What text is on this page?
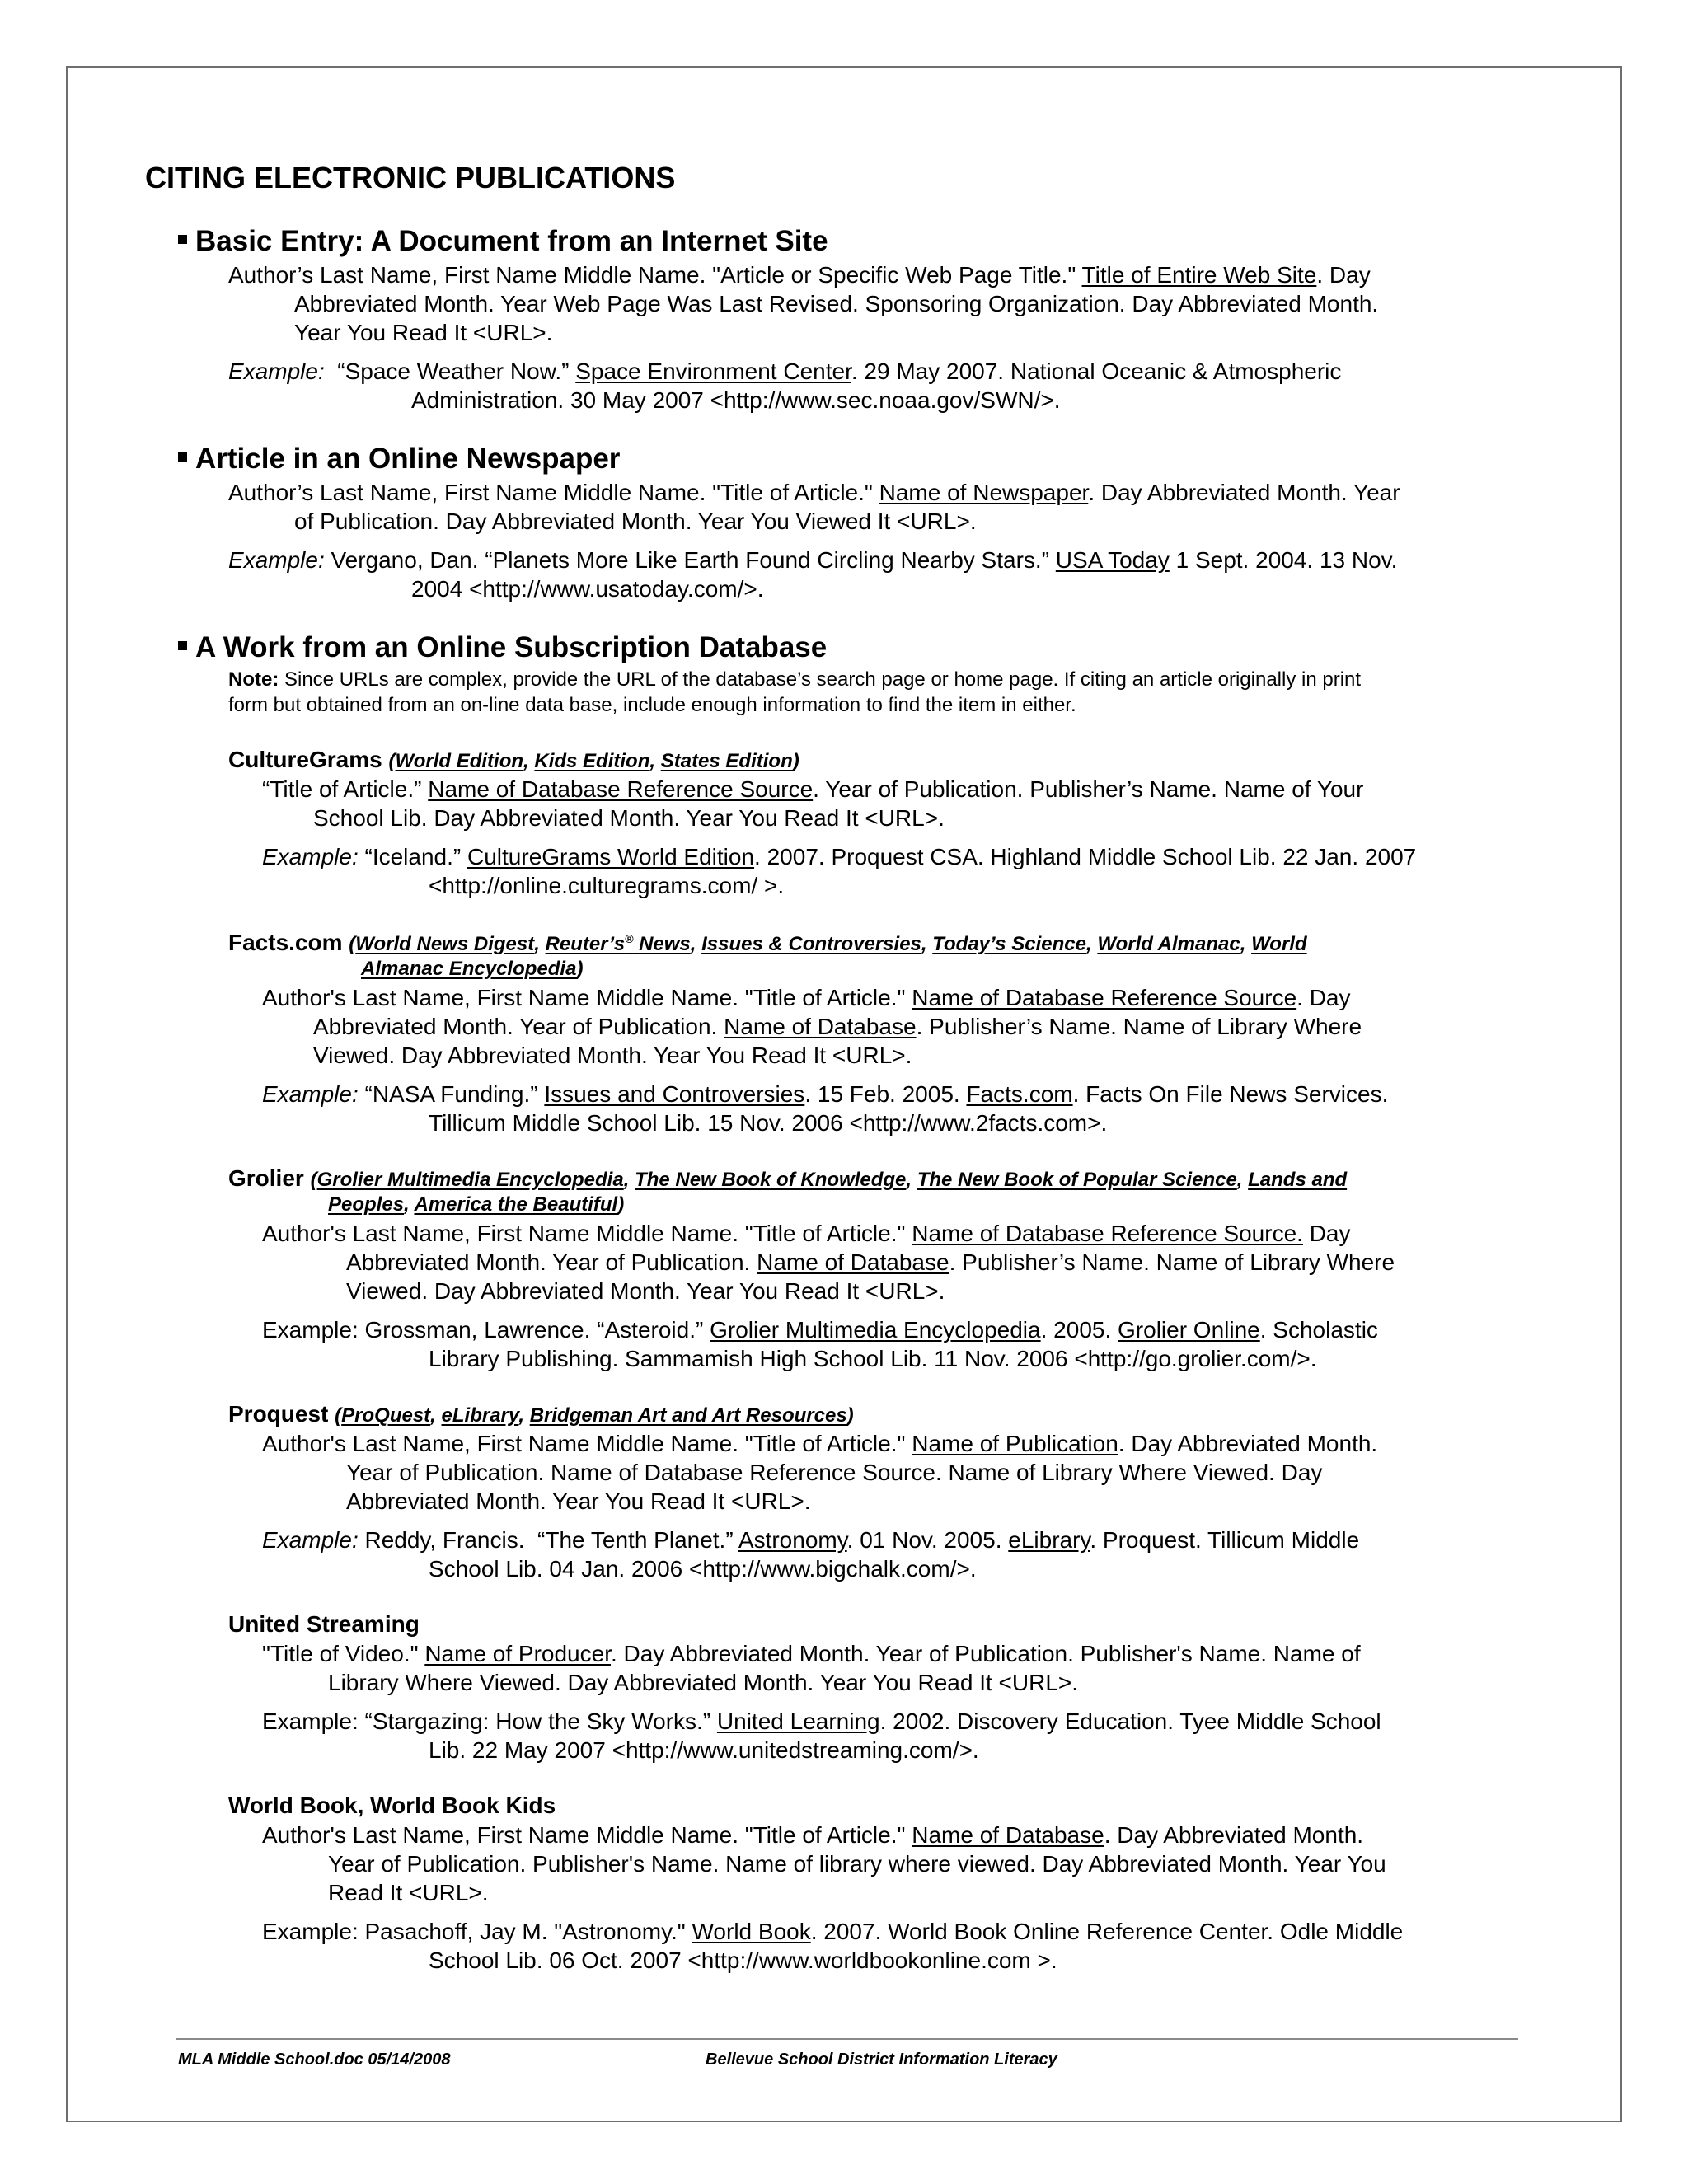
CITING ELECTRONIC PUBLICATIONS
Basic Entry: A Document from an Internet Site
Author’s Last Name, First Name Middle Name. "Article or Specific Web Page Title." Title of Entire Web Site. Day
Abbreviated Month. Year Web Page Was Last Revised. Sponsoring Organization. Day Abbreviated Month.
Year You Read It <URL>.
Example:  “Space Weather Now.” Space Environment Center. 29 May 2007. National Oceanic & Atmospheric
Administration. 30 May 2007 <http://www.sec.noaa.gov/SWN/>.
Article in an Online Newspaper
Author’s Last Name, First Name Middle Name. "Title of Article." Name of Newspaper. Day Abbreviated Month. Year
of Publication. Day Abbreviated Month. Year You Viewed It <URL>.
Example: Vergano, Dan. “Planets More Like Earth Found Circling Nearby Stars.” USA Today 1 Sept. 2004. 13 Nov.
2004 <http://www.usatoday.com/>.
A Work from an Online Subscription Database
Note: Since URLs are complex, provide the URL of the database’s search page or home page. If citing an article originally in print
form but obtained from an on-line data base, include enough information to find the item in either.
CultureGrams (World Edition, Kids Edition, States Edition)
“Title of Article.” Name of Database Reference Source. Year of Publication. Publisher’s Name. Name of Your
School Lib. Day Abbreviated Month. Year You Read It <URL>.
Example: “Iceland.” CultureGrams World Edition. 2007. Proquest CSA. Highland Middle School Lib. 22 Jan. 2007
<http://online.culturegrams.com/ >.
Facts.com (World News Digest, Reuter’s® News, Issues & Controversies, Today’s Science, World Almanac, World
Almanac Encyclopedia)
Author's Last Name, First Name Middle Name. "Title of Article." Name of Database Reference Source. Day
Abbreviated Month. Year of Publication. Name of Database. Publisher’s Name. Name of Library Where
Viewed. Day Abbreviated Month. Year You Read It <URL>.
Example: “NASA Funding.” Issues and Controversies. 15 Feb. 2005. Facts.com. Facts On File News Services.
Tillicum Middle School Lib. 15 Nov. 2006 <http://www.2facts.com>.
Grolier (Grolier Multimedia Encyclopedia, The New Book of Knowledge, The New Book of Popular Science, Lands and
Peoples, America the Beautiful)
Author's Last Name, First Name Middle Name. "Title of Article." Name of Database Reference Source. Day
Abbreviated Month. Year of Publication. Name of Database. Publisher’s Name. Name of Library Where
Viewed. Day Abbreviated Month. Year You Read It <URL>.
Example: Grossman, Lawrence. “Asteroid.” Grolier Multimedia Encyclopedia. 2005. Grolier Online. Scholastic
Library Publishing. Sammamish High School Lib. 11 Nov. 2006 <http://go.grolier.com/>.
Proquest (ProQuest, eLibrary, Bridgeman Art and Art Resources)
Author's Last Name, First Name Middle Name. "Title of Article." Name of Publication. Day Abbreviated Month.
Year of Publication. Name of Database Reference Source. Name of Library Where Viewed. Day
Abbreviated Month. Year You Read It <URL>.
Example: Reddy, Francis.  “The Tenth Planet.” Astronomy. 01 Nov. 2005. eLibrary. Proquest. Tillicum Middle
School Lib. 04 Jan. 2006 <http://www.bigchalk.com/>.
United Streaming
"Title of Video." Name of Producer. Day Abbreviated Month. Year of Publication. Publisher's Name. Name of
Library Where Viewed. Day Abbreviated Month. Year You Read It <URL>.
Example: “Stargazing: How the Sky Works.” United Learning. 2002. Discovery Education. Tyee Middle School
Lib. 22 May 2007 <http://www.unitedstreaming.com/>.
World Book, World Book Kids
Author's Last Name, First Name Middle Name. "Title of Article." Name of Database. Day Abbreviated Month.
Year of Publication. Publisher's Name. Name of library where viewed. Day Abbreviated Month. Year You
Read It <URL>.
Example: Pasachoff, Jay M. "Astronomy." World Book. 2007. World Book Online Reference Center. Odle Middle
School Lib. 06 Oct. 2007 <http://www.worldbookonline.com >.
MLA Middle School.doc 05/14/2008	Bellevue School District Information Literacy
